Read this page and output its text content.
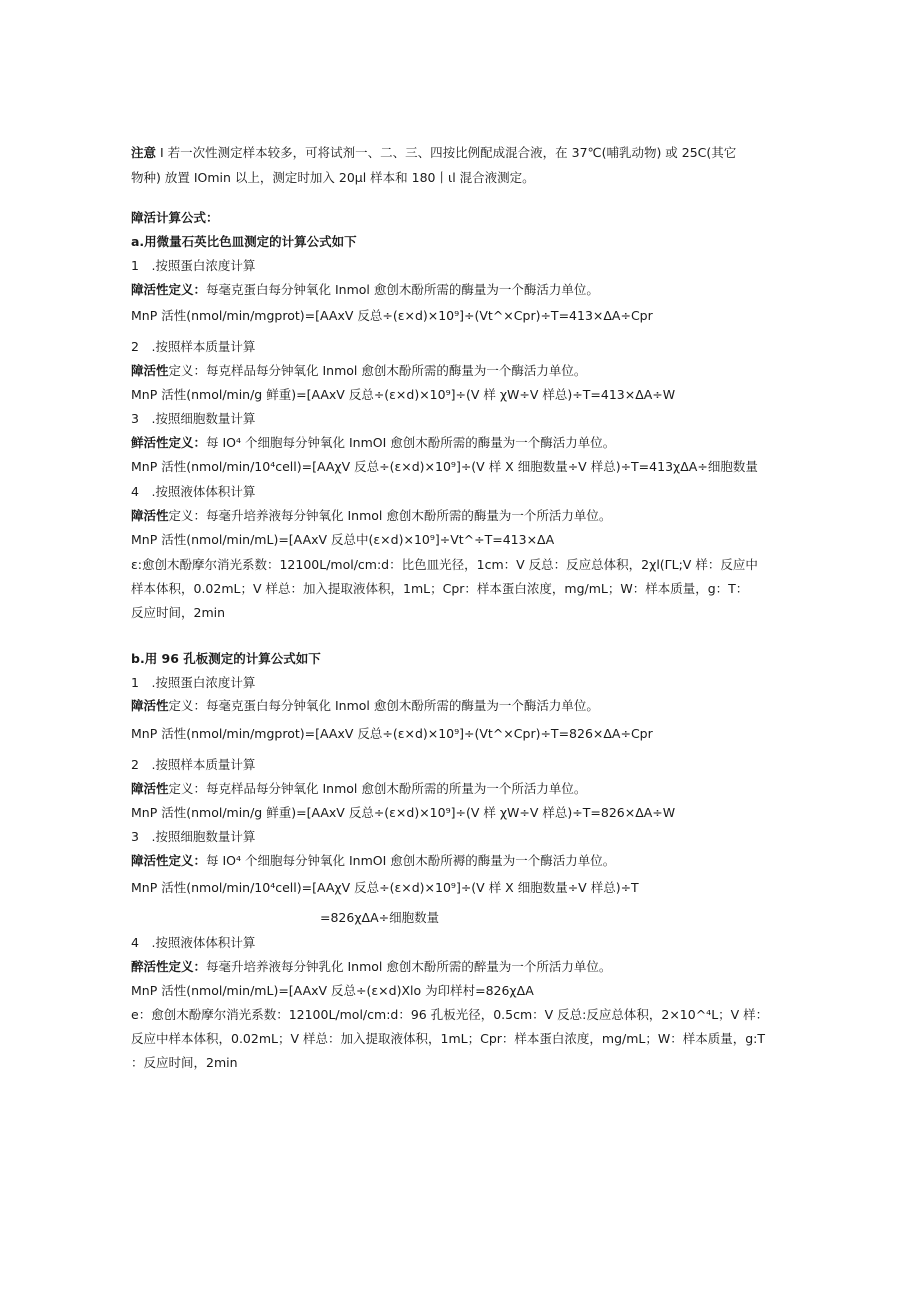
注意 I 若一次性测定样本较多，可将试剂一、二、三、四按比例配成混合液，在 37℃(哺乳动物) 或 25C(其它
物种) 放置 IOmin 以上，测定时加入 20μl 样本和 180丨ιl 混合液测定。
障活计算公式：
a.用微量石英比色皿测定的计算公式如下
1　.按照蛋白浓度计算
障活性定义：每毫克蛋白每分钟氧化 Inmol 愈创木酚所需的酶量为一个酶活力单位。
MnP 活性(nmol/min/mgprot)=[AAxV 反总÷(ε×d)×10⁹]÷(Vt^×Cpr)÷T=413×ΔA÷Cpr
2　.按照样本质量计算
障活性定义：每克样品每分钟氧化 Inmol 愈创木酚所需的酶量为一个酶活力单位。
MnP 活性(nmol/min/g 鲜重)=[AAxV 反总÷(ε×d)×10⁹]÷(V 样 χW÷V 样总)÷T=413×ΔA÷W
3　.按照细胞数量计算
鲜活性定义：每 IO⁴ 个细胞每分钟氧化 InmOI 愈创木酚所需的酶量为一个酶活力单位。
MnP 活性(nmol/min/10⁴cell)=[AAχV 反总÷(ε×d)×10⁹]÷(V 样 X 细胞数量÷V 样总)÷T=413χΔA÷细胞数量
4　.按照液体体积计算
障活性定义：每毫升培养液每分钟氧化 Inmol 愈创木酚所需的酶量为一个所活力单位。
MnP 活性(nmol/min/mL)=[AAxV 反总中(ε×d)×10⁹]÷Vt^÷T=413×ΔA
ε:愈创木酚摩尔消光系数：12100L/mol/cm:d：比色皿光径，1cm：V 反总：反应总体积，2χl(ΓL;V 样：反应中
样本体积，0.02mL；V 样总：加入提取液体积，1mL；Cpr：样本蛋白浓度，mg/mL；W：样本质量，g：T：
反应时间，2min
b.用 96 孔板测定的计算公式如下
1　.按照蛋白浓度计算
障活性定义：每毫克蛋白每分钟氧化 Inmol 愈创木酚所需的酶量为一个酶活力单位。
MnP 活性(nmol/min/mgprot)=[AAxV 反总÷(ε×d)×10⁹]÷(Vt^×Cpr)÷T=826×ΔA÷Cpr
2　.按照样本质量计算
障活性定义：每克样品每分钟氧化 Inmol 愈创木酚所需的所量为一个所活力单位。
MnP 活性(nmol/min/g 鲜重)=[AAxV 反总÷(ε×d)×10⁹]÷(V 样 χW÷V 样总)÷T=826×ΔA÷W
3　.按照细胞数量计算
障活性定义：每 IO⁴ 个细胞每分钟氧化 InmOI 愈创木酚所褥的酶量为一个酶活力单位。
MnP 活性(nmol/min/10⁴cell)=[AAχV 反总÷(ε×d)×10⁹]÷(V 样 X 细胞数量÷V 样总)÷T
=826χΔA÷细胞数量
4　.按照液体体积计算
醉活性定义：每毫升培养液每分钟乳化 Inmol 愈创木酚所需的醉量为一个所活力单位。
MnP 活性(nmol/min/mL)=[AAxV 反总÷(ε×d)Xlo 为印样村=826χΔA
e：愈创木酚摩尔消光系数：12100L/mol/cm:d：96 孔板光径，0.5cm：V 反总:反应总体积，2×10^⁴L；V 样：
反应中样本体积，0.02mL；V 样总：加入提取液体积，1mL；Cpr：样本蛋白浓度，mg/mL；W：样本质量，g:T
：反应时间，2min
